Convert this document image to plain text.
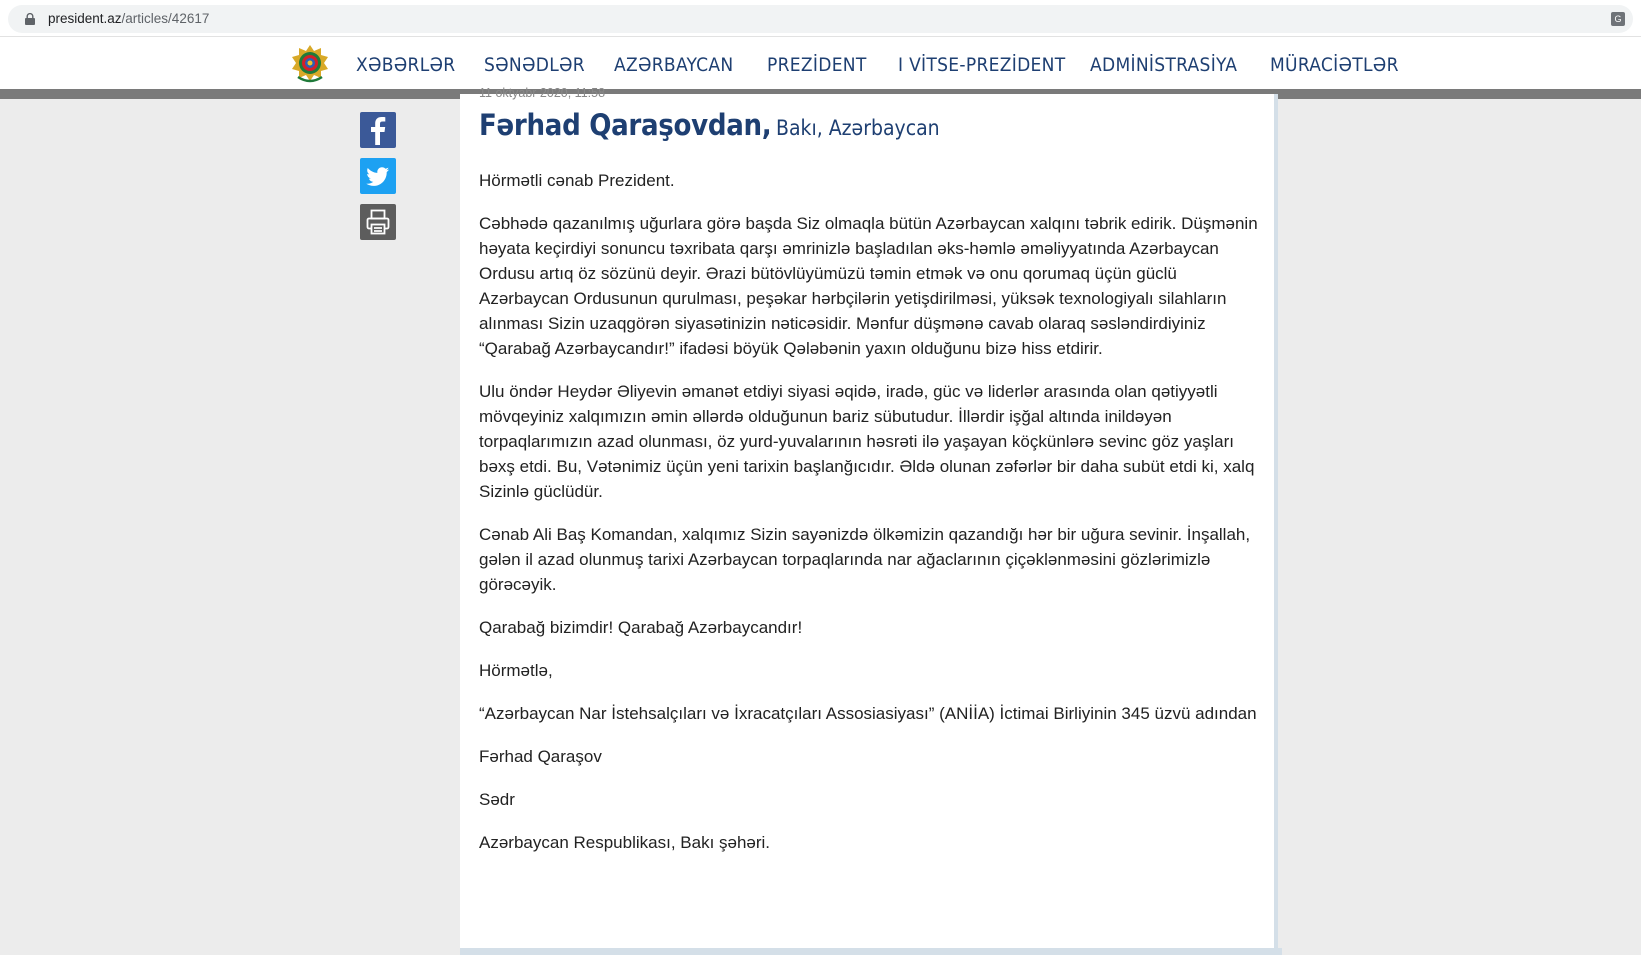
president.az/articles/42617	G
XƏBƏRLƏR SƏNƏDLƏR AZƏRBAYCAN PREZİDENT I VİTSE-PREZİDENT ADMİNİSTRASİYA MÜRACİƏTLƏR
11 oktyabr 2020, 11:58
Fərhad Qaraşovdan, Bakı, Azərbaycan

Hörmətli cənab Prezident.

Cəbhədə qazanılmış uğurlara görə başda Siz olmaqla bütün Azərbaycan xalqını təbrik edirik. Düşmənin həyata keçirdiyi sonuncu təxribata qarşı əmrinizlə başladılan əks-həmlə əməliyyatında Azərbaycan Ordusu artıq öz sözünü deyir. Ərazi bütövlüyümüzü təmin etmək və onu qorumaq üçün güclü Azərbaycan Ordusunun qurulması, peşəkar hərbçilərin yetişdirilməsi, yüksək texnologiyalı silahların alınması Sizin uzaqgörən siyasətinizin nəticəsidir. Mənfur düşmənə cavab olaraq səsləndirdiyiniz “Qarabağ Azərbaycandır!” ifadəsi böyük Qələbənin yaxın olduğunu bizə hiss etdirir.

Ulu öndər Heydər Əliyevin əmanət etdiyi siyasi əqidə, iradə, güc və liderlər arasında olan qətiyyətli mövqeyiniz xalqımızın əmin əllərdə olduğunun bariz sübutudur. İllərdir işğal altında inildəyən torpaqlarımızın azad olunması, öz yurd-yuvalarının həsrəti ilə yaşayan köçkünlərə sevinc göz yaşları bəxş etdi. Bu, Vətənimiz üçün yeni tarixin başlanğıcıdır. Əldə olunan zəfərlər bir daha subüt etdi ki, xalq Sizinlə güclüdür.

Cənab Ali Baş Komandan, xalqımız Sizin sayənizdə ölkəmizin qazandığı hər bir uğura sevinir. İnşallah, gələn il azad olunmuş tarixi Azərbaycan torpaqlarında nar ağaclarının çiçəklənməsini gözlərimizlə görəcəyik.

Qarabağ bizimdir! Qarabağ Azərbaycandır!

Hörmətlə,

“Azərbaycan Nar İstehsalçıları və İxracatçıları Assosiasiyası” (ANİİA) İctimai Birliyinin 345 üzvü adından

Fərhad Qaraşov

Sədr

Azərbaycan Respublikası, Bakı şəhəri.
